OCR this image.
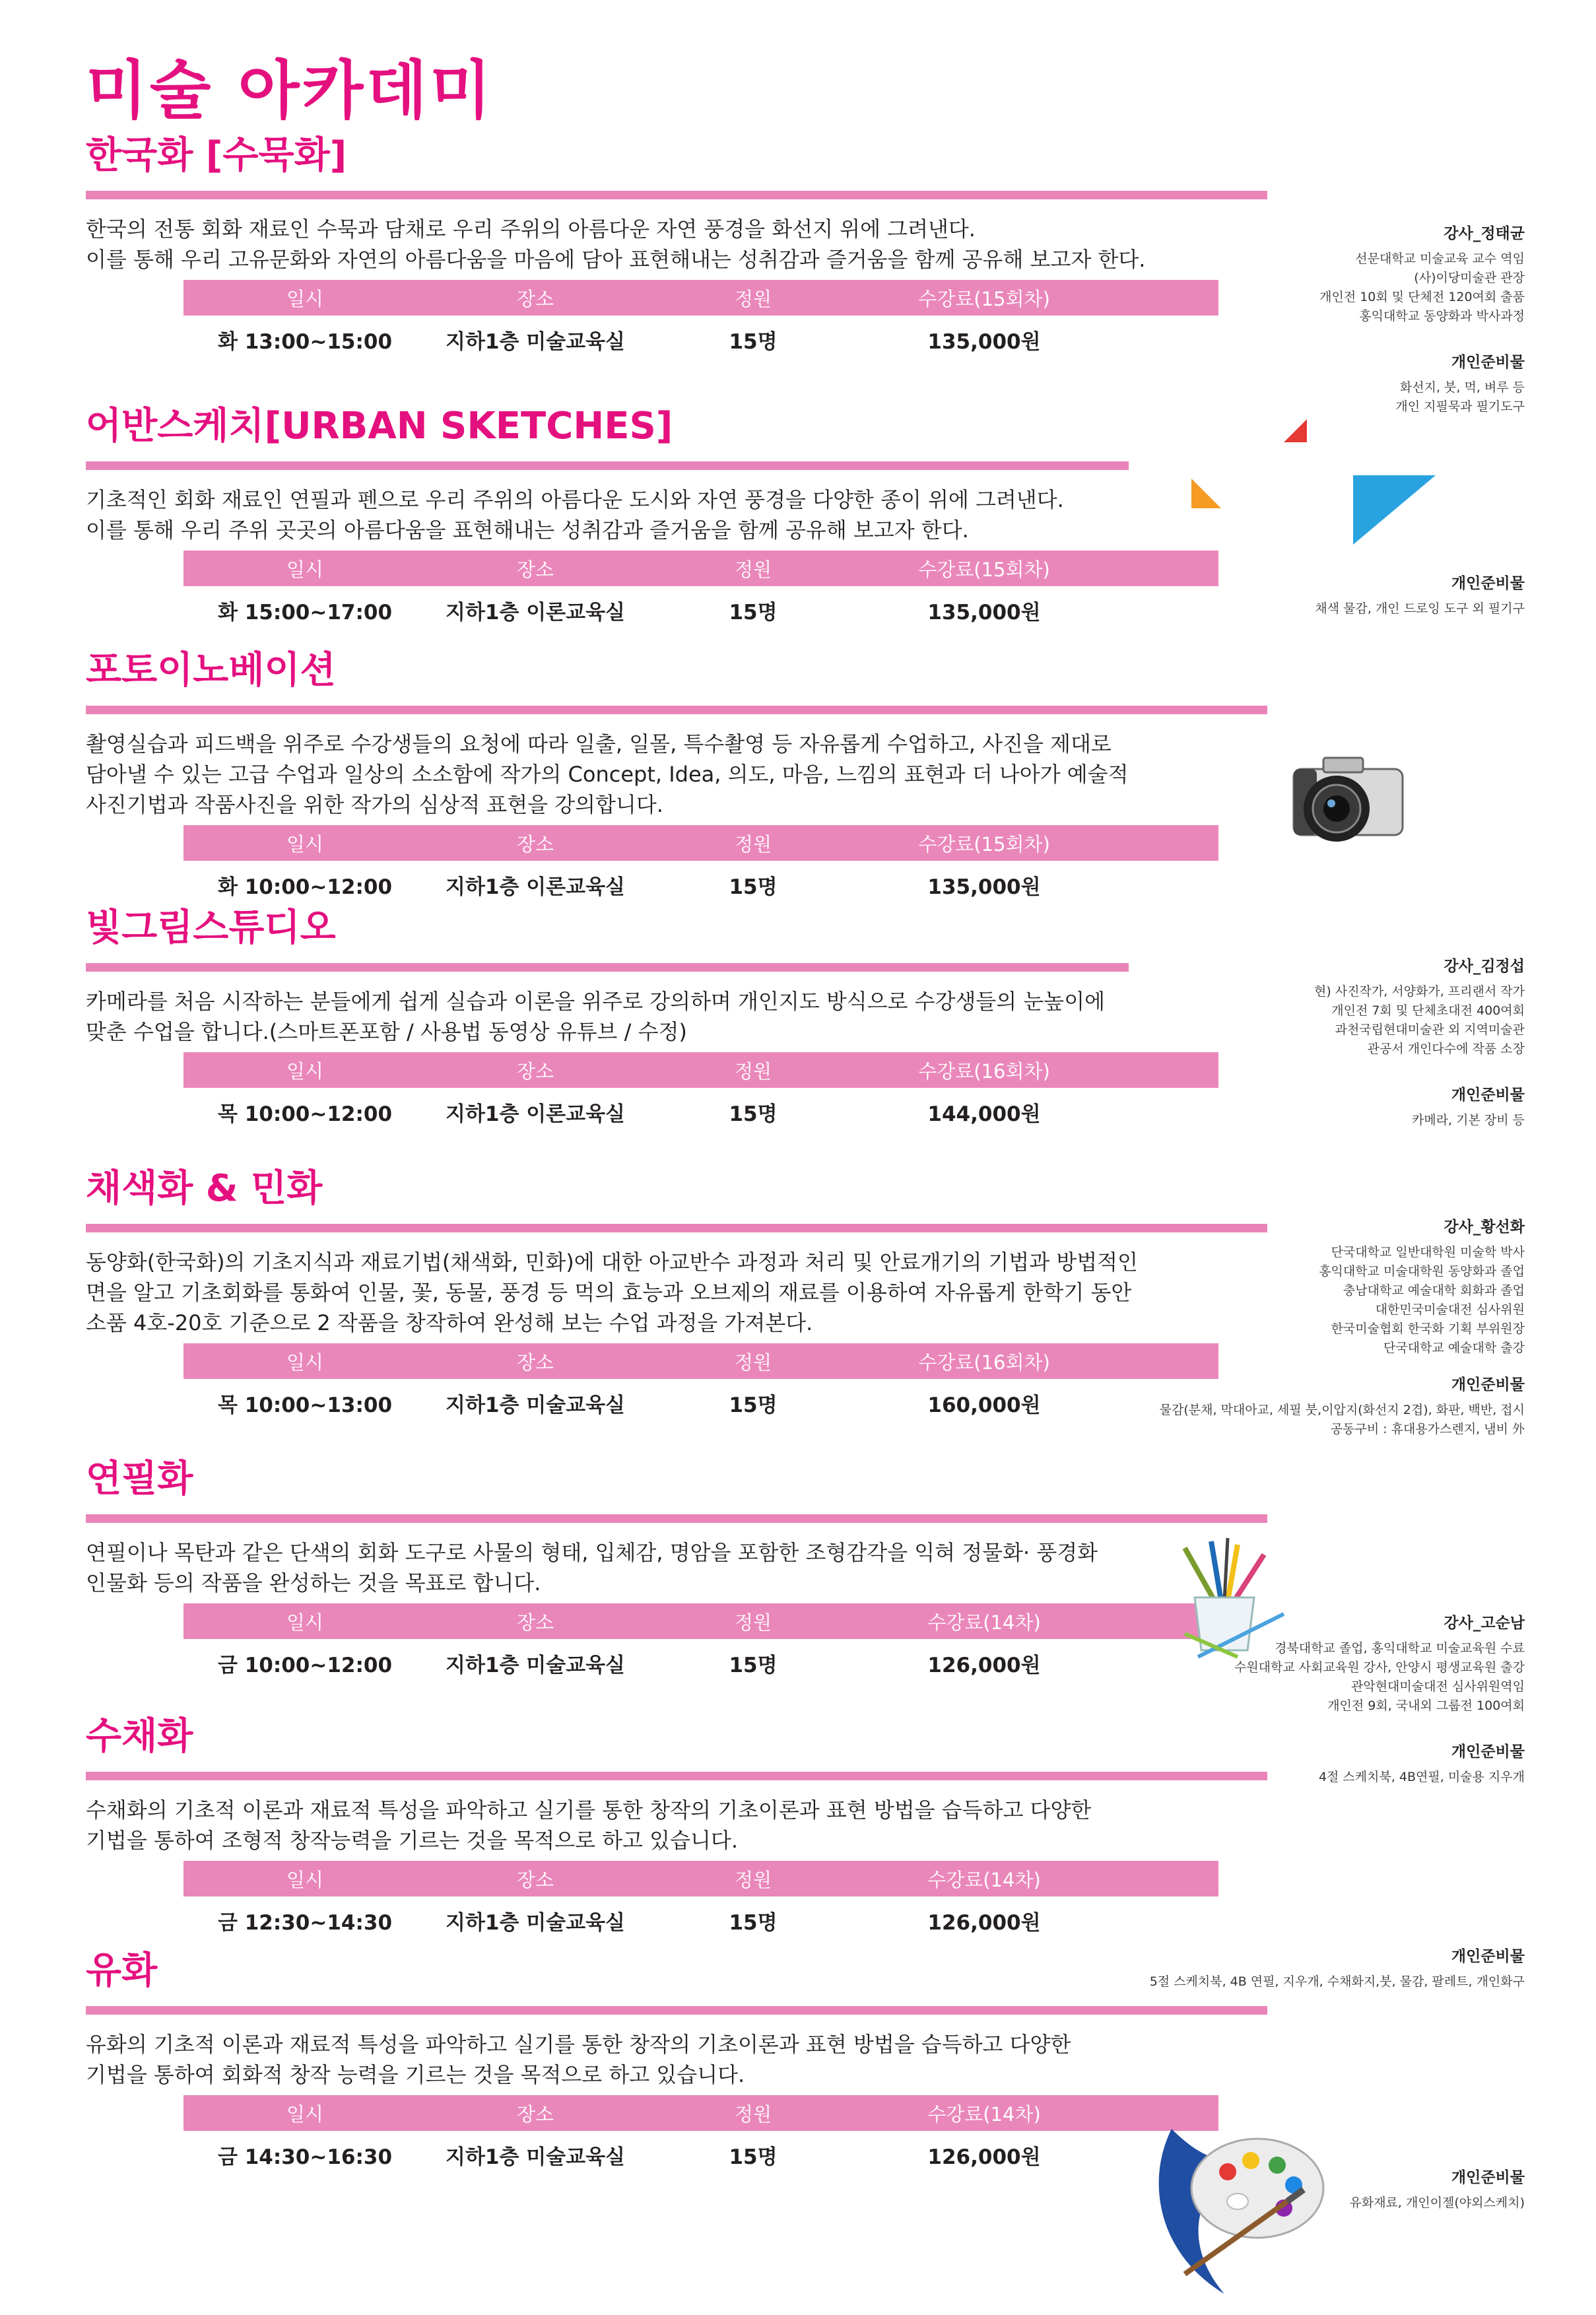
미술 아카데미
한국화 [수묵화]

한국의 전통 회화 재료인 수묵과 담채로 우리 주위의 아름다운 자연 풍경을 화선지 위에 그려낸다.
이를 통해 우리 고유문화와 자연의 아름다움을 마음에 담아 표현해내는 성취감과 즐거움을 함께 공유해 보고자 한다.

일시	장소	정원	수강료(15회차)
화 13:00~15:00	지하1층 미술교육실	15명	135,000원
어반스케치[URBAN SKETCHES]

기초적인 회화 재료인 연필과 펜으로 우리 주위의 아름다운 도시와 자연 풍경을 다양한 종이 위에 그려낸다.
이를 통해 우리 주위 곳곳의 아름다움을 표현해내는 성취감과 즐거움을 함께 공유해 보고자 한다.

일시	장소	정원	수강료(15회차)
화 15:00~17:00	지하1층 이론교육실	15명	135,000원
포토이노베이션

촬영실습과 피드백을 위주로 수강생들의 요청에 따라 일출, 일몰, 특수촬영 등 자유롭게 수업하고, 사진을 제대로
담아낼 수 있는 고급 수업과 일상의 소소함에 작가의 Concept, Idea, 의도, 마음, 느낌의 표현과 더 나아가 예술적
사진기법과 작품사진을 위한 작가의 심상적 표현을 강의합니다.

일시	장소	정원	수강료(15회차)
화 10:00~12:00	지하1층 이론교육실	15명	135,000원
빛그림스튜디오

카메라를 처음 시작하는 분들에게 쉽게 실습과 이론을 위주로 강의하며 개인지도 방식으로 수강생들의 눈높이에
맞춘 수업을 합니다.(스마트폰포함 / 사용법 동영상 유튜브 / 수정)

일시	장소	정원	수강료(16회차)
목 10:00~12:00	지하1층 이론교육실	15명	144,000원
채색화 & 민화

동양화(한국화)의 기초지식과 재료기법(채색화, 민화)에 대한 아교반수 과정과 처리 및 안료개기의 기법과 방법적인
면을 알고 기초회화를 통화여 인물, 꽃, 동물, 풍경 등 먹의 효능과 오브제의 재료를 이용하여 자유롭게 한학기 동안
소품 4호-20호 기준으로 2 작품을 창작하여 완성해 보는 수업 과정을 가져본다.

일시	장소	정원	수강료(16회차)
목 10:00~13:00	지하1층 미술교육실	15명	160,000원
연필화

연필이나 목탄과 같은 단색의 회화 도구로 사물의 형태, 입체감, 명암을 포함한 조형감각을 익혀 정물화· 풍경화
인물화 등의 작품을 완성하는 것을 목표로 합니다.

일시	장소	정원	수강료(14차)
금 10:00~12:00	지하1층 미술교육실	15명	126,000원
수채화

수채화의 기초적 이론과 재료적 특성을 파악하고 실기를 통한 창작의 기초이론과 표현 방법을 습득하고 다양한
기법을 통하여 조형적 창작능력을 기르는 것을 목적으로 하고 있습니다.

일시	장소	정원	수강료(14차)
금 12:30~14:30	지하1층 미술교육실	15명	126,000원
유화

유화의 기초적 이론과 재료적 특성을 파악하고 실기를 통한 창작의 기초이론과 표현 방법을 습득하고 다양한
기법을 통하여 회화적 창작 능력을 기르는 것을 목적으로 하고 있습니다.

일시	장소	정원	수강료(14차)
금 14:30~16:30	지하1층 미술교육실	15명	126,000원

강사_정태균

선문대학교 미술교육 교수 역임
(사)이당미술관 관장
개인전 10회 및 단체전 120여회 출품
홍익대학교 동양화과 박사과정

개인준비물

화선지, 붓, 먹, 벼루 등
개인 지필묵과 필기도구

개인준비물

채색 물감, 개인 드로잉 도구 외 필기구

강사_김정섭

현) 사진작가, 서양화가, 프리랜서 작가
개인전 7회 및 단체초대전 400여회
과천국립현대미술관 외 지역미술관
관공서 개인다수에 작품 소장

개인준비물

카메라, 기본 장비 등

강사_황선화

단국대학교 일반대학원 미술학 박사
홍익대학교 미술대학원 동양화과 졸업
충남대학교 예술대학 회화과 졸업
대한민국미술대전 심사위원
한국미술협회 한국화 기획 부위원장
단국대학교 예술대학 출강

개인준비물

물감(분채, 막대아교, 세필 붓,이압지(화선지 2겹), 화판, 백반, 접시
공동구비 : 휴대용가스렌지, 냄비 外

강사_고순남

경북대학교 졸업, 홍익대학교 미술교육원 수료
수원대학교 사회교육원 강사, 안양시 평생교육원 출강
관악현대미술대전 심사위원역임
개인전 9회, 국내외 그룹전 100여회

개인준비물

4절 스케치북, 4B연필, 미술용 지우개

개인준비물

5절 스케치북, 4B 연필, 지우개, 수채화지,붓, 물감, 팔레트, 개인화구

개인준비물

유화재료, 개인이젤(야외스케치)
